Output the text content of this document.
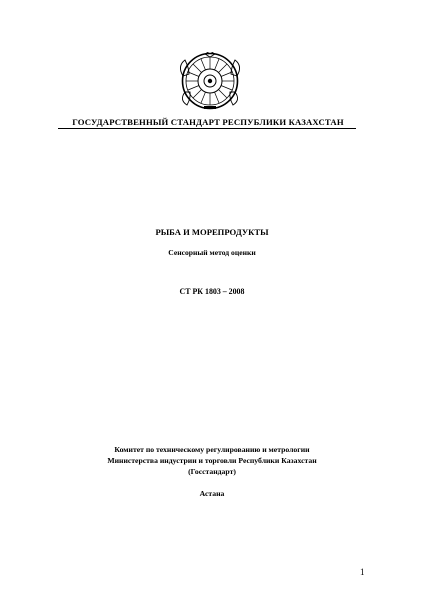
ГОСУДАРСТВЕННЫЙ СТАНДАРТ РЕСПУБЛИКИ КАЗАХСТАН
РЫБА И МОРЕПРОДУКТЫ
Сенсорный метод оценки
СТ РК 1803 – 2008
Комитет по техническому регулированию и метрологии
Министерства индустрии и торговли Республики Казахстан
(Госстандарт)
Астана
1
